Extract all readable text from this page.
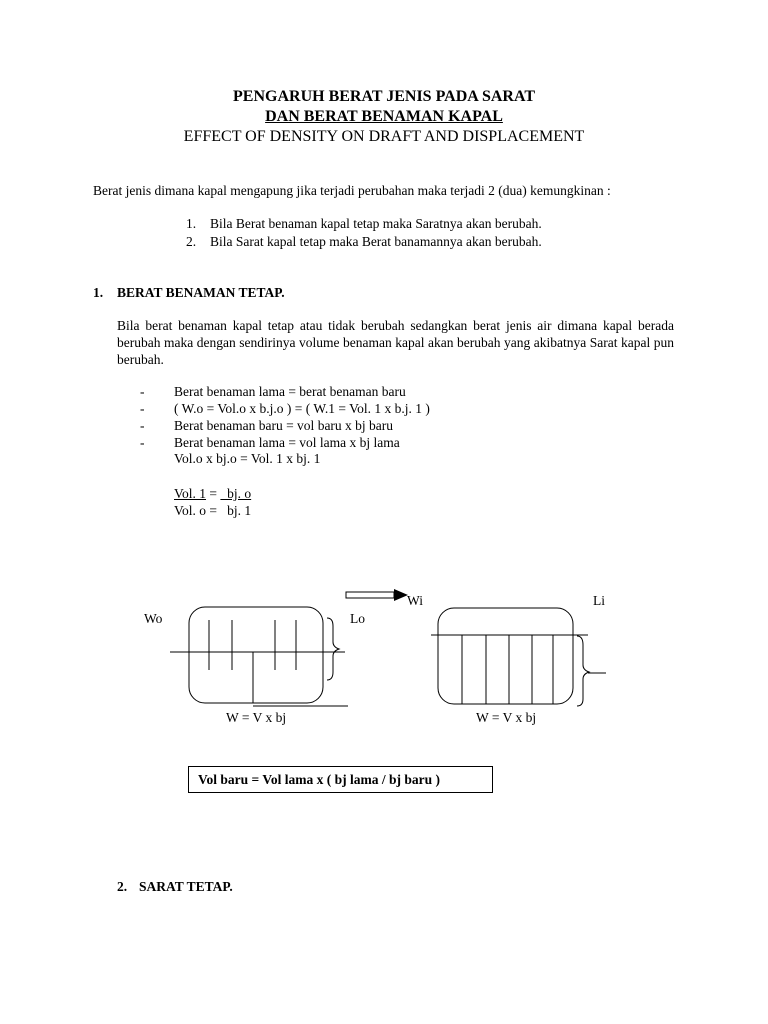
PENGARUH BERAT JENIS PADA SARAT
DAN BERAT BENAMAN KAPAL
EFFECT OF DENSITY ON DRAFT AND DISPLACEMENT
Berat jenis dimana kapal mengapung jika terjadi perubahan maka terjadi 2 (dua) kemungkinan :
1. Bila Berat benaman kapal tetap maka Saratnya akan berubah.
2. Bila Sarat kapal tetap maka Berat banamannya akan berubah.
1. BERAT BENAMAN TETAP.
Bila berat benaman kapal tetap atau tidak berubah sedangkan berat jenis air dimana kapal berada berubah maka dengan sendirinya volume benaman kapal akan berubah yang akibatnya Sarat kapal pun berubah.
- Berat benaman lama = berat benaman baru
- ( W.o = Vol.o x b.j.o ) = ( W.1 = Vol. 1 x b.j. 1 )
- Berat benaman baru = vol baru x bj baru
- Berat benaman lama = vol lama x bj lama
Vol.o x bj.o = Vol. 1 x bj. 1
Vol. 1 =   bj. o
Vol. o =   bj. 1
Wo	Lo
Wi	Li
W = V x bj	W = V x bj
Vol baru = Vol lama x ( bj lama / bj baru )
2. SARAT TETAP.
